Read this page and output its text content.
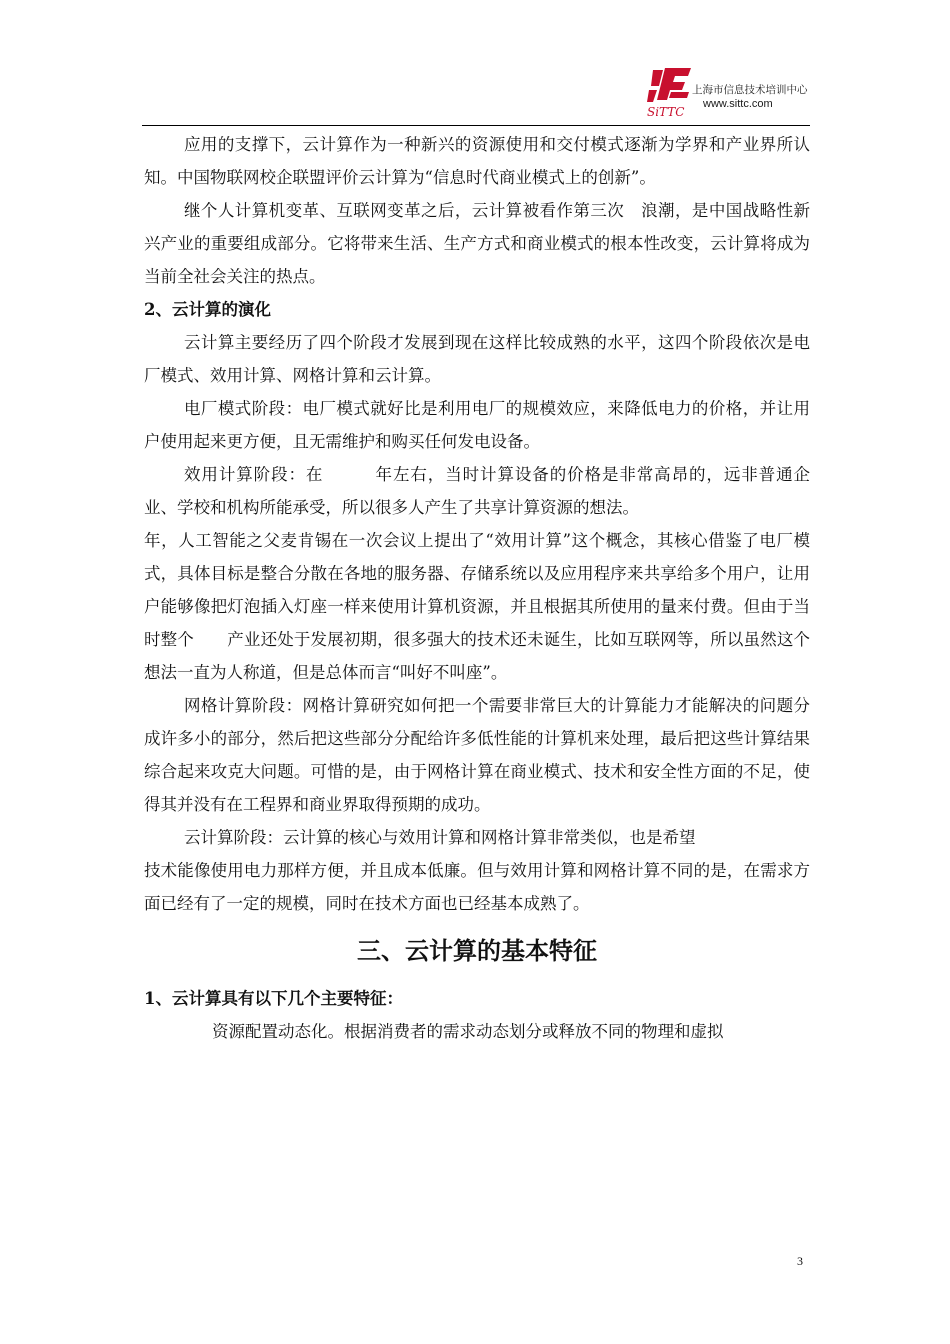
SiTTC
上海市信息技术培训中心
www.sittc.com

应用的支撑下，云计算作为一种新兴的资源使用和交付模式逐渐为学界和产业界所认知。中国物联网校企联盟评价云计算为“信息时代商业模式上的创新”。

继个人计算机变革、互联网变革之后，云计算被看作第三次　浪潮，是中国战略性新兴产业的重要组成部分。它将带来生活、生产方式和商业模式的根本性改变，云计算将成为当前全社会关注的热点。

2、云计算的演化

云计算主要经历了四个阶段才发展到现在这样比较成熟的水平，这四个阶段依次是电厂模式、效用计算、网格计算和云计算。

电厂模式阶段：电厂模式就好比是利用电厂的规模效应，来降低电力的价格，并让用户使用起来更方便，且无需维护和购买任何发电设备。

效用计算阶段：在　　　年左右，当时计算设备的价格是非常高昂的，远非普通企业、学校和机构所能承受，所以很多人产生了共享计算资源的想法。

年，人工智能之父麦肯锡在一次会议上提出了“效用计算”这个概念，其核心借鉴了电厂模式，具体目标是整合分散在各地的服务器、存储系统以及应用程序来共享给多个用户，让用户能够像把灯泡插入灯座一样来使用计算机资源，并且根据其所使用的量来付费。但由于当时整个　　产业还处于发展初期，很多强大的技术还未诞生，比如互联网等，所以虽然这个想法一直为人称道，但是总体而言“叫好不叫座”。

网格计算阶段：网格计算研究如何把一个需要非常巨大的计算能力才能解决的问题分成许多小的部分，然后把这些部分分配给许多低性能的计算机来处理，最后把这些计算结果综合起来攻克大问题。可惜的是，由于网格计算在商业模式、技术和安全性方面的不足，使得其并没有在工程界和商业界取得预期的成功。

云计算阶段：云计算的核心与效用计算和网格计算非常类似，也是希望

技术能像使用电力那样方便，并且成本低廉。但与效用计算和网格计算不同的是，在需求方面已经有了一定的规模，同时在技术方面也已经基本成熟了。

三、云计算的基本特征

1、云计算具有以下几个主要特征：

资源配置动态化。根据消费者的需求动态划分或释放不同的物理和虚拟

3
